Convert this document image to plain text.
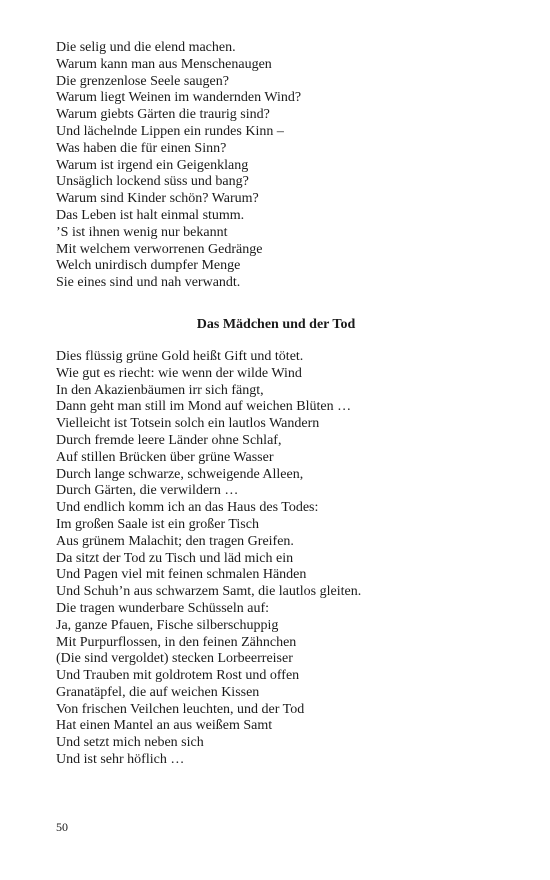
Die selig und die elend machen.
Warum kann man aus Menschenaugen
Die grenzenlose Seele saugen?
Warum liegt Weinen im wandernden Wind?
Warum giebts Gärten die traurig sind?
Und lächelnde Lippen ein rundes Kinn –
Was haben die für einen Sinn?
Warum ist irgend ein Geigenklang
Unsäglich lockend süss und bang?
Warum sind Kinder schön? Warum?
Das Leben ist halt einmal stumm.
’S ist ihnen wenig nur bekannt
Mit welchem verworrenen Gedränge
Welch unirdisch dumpfer Menge
Sie eines sind und nah verwandt.
Das Mädchen und der Tod
Dies flüssig grüne Gold heißt Gift und tötet.
Wie gut es riecht: wie wenn der wilde Wind
In den Akazienbäumen irr sich fängt,
Dann geht man still im Mond auf weichen Blüten …
Vielleicht ist Totsein solch ein lautlos Wandern
Durch fremde leere Länder ohne Schlaf,
Auf stillen Brücken über grüne Wasser
Durch lange schwarze, schweigende Alleen,
Durch Gärten, die verwildern …
Und endlich komm ich an das Haus des Todes:
Im großen Saale ist ein großer Tisch
Aus grünem Malachit; den tragen Greifen.
Da sitzt der Tod zu Tisch und läd mich ein
Und Pagen viel mit feinen schmalen Händen
Und Schuh’n aus schwarzem Samt, die lautlos gleiten.
Die tragen wunderbare Schüsseln auf:
Ja, ganze Pfauen, Fische silberschuppig
Mit Purpurflossen, in den feinen Zähnchen
(Die sind vergoldet) stecken Lorbeerreiser
Und Trauben mit goldrotem Rost und offen
Granatäpfel, die auf weichen Kissen
Von frischen Veilchen leuchten, und der Tod
Hat einen Mantel an aus weißem Samt
Und setzt mich neben sich
Und ist sehr höflich …
50
